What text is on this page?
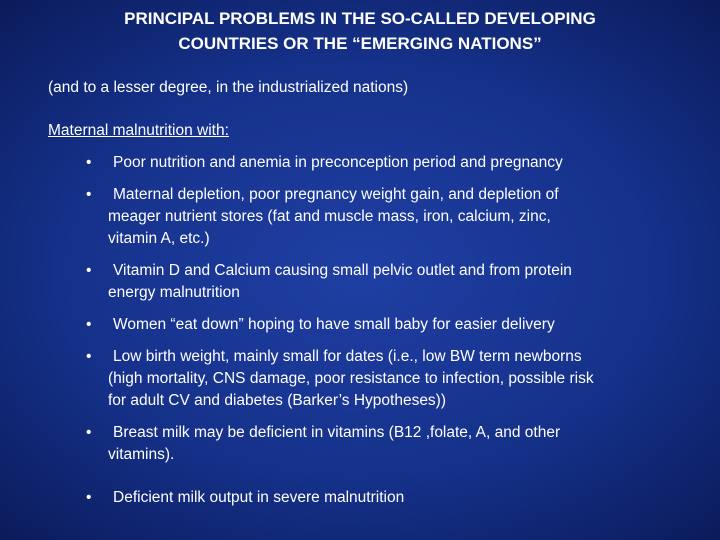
PRINCIPAL PROBLEMS IN THE SO-CALLED DEVELOPING
COUNTRIES OR THE “EMERGING NATIONS”
(and to a lesser degree, in the industrialized nations)
Maternal malnutrition with:
•	Poor nutrition and anemia in preconception period and pregnancy
•	Maternal depletion, poor pregnancy weight gain, and depletion of
meager nutrient stores (fat and muscle mass, iron, calcium, zinc,
vitamin A, etc.)
•	Vitamin D and Calcium causing small pelvic outlet and from protein
energy malnutrition
•	Women “eat down” hoping to have small baby for easier delivery
•	Low birth weight, mainly small for dates (i.e., low BW term newborns
(high mortality, CNS damage, poor resistance to infection, possible risk
for adult CV and diabetes (Barker’s Hypotheses))
•	Breast milk may be deficient in vitamins (B12 ,folate, A, and other
vitamins).
•	Deficient milk output in severe malnutrition
